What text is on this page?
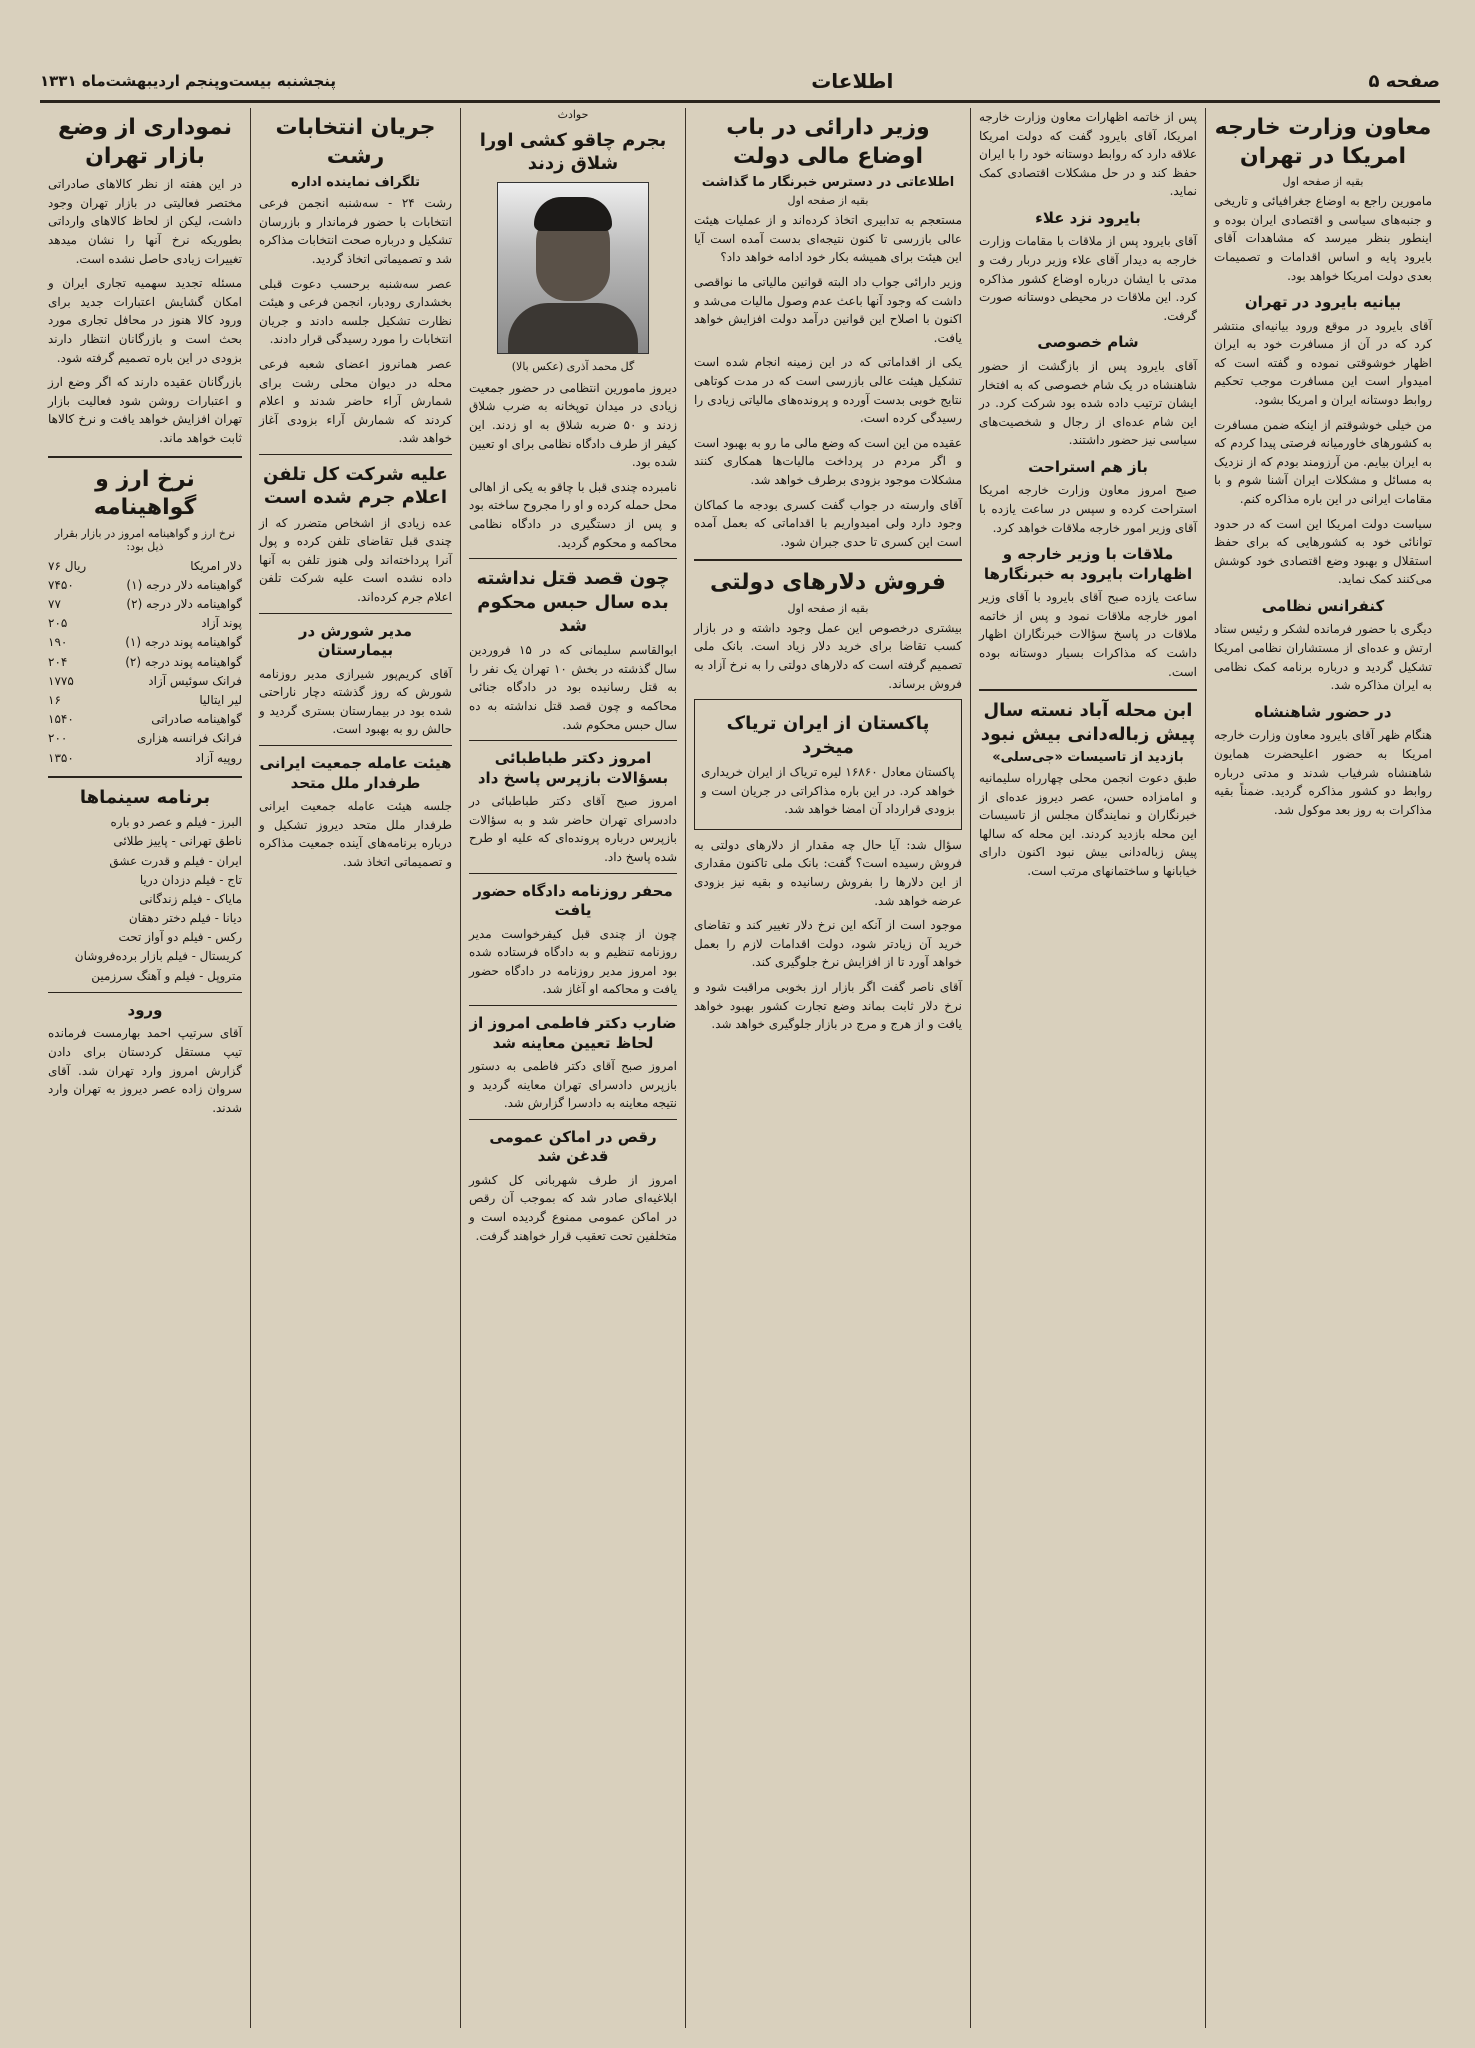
صفحه ۵
اطلاعات
پنجشنبه بیست‌وپنجم اردیبهشت‌ماه ۱۳۳۱
معاون وزارت خارجه امریکا در تهران
بقیه از صفحه اول

مامورین راجع به اوضاع جغرافیائی و تاریخی و جنبه‌های سیاسی و اقتصادی ایران بوده و اینطور بنظر میرسد که مشاهدات آقای بایرود پایه و اساس اقدامات و تصمیمات بعدی دولت امریکا خواهد بود.

بیانیه بایرود در تهران

آقای بایرود در موقع ورود بیانیه‌ای منتشر کرد که در آن از مسافرت خود به ایران اظهار خوشوقتی نموده و گفته است که امیدوار است این مسافرت موجب تحکیم روابط دوستانه ایران و امریکا بشود.

من خیلی خوشوقتم از اینکه ضمن مسافرت به کشورهای خاورمیانه فرصتی پیدا کردم که به ایران بیایم. من آرزومند بودم که از نزدیک به مسائل و مشکلات ایران آشنا شوم و با مقامات ایرانی در این باره مذاکره کنم.

سیاست دولت امریکا این است که در حدود توانائی خود به کشورهایی که برای حفظ استقلال و بهبود وضع اقتصادی خود کوشش می‌کنند کمک نماید.

کنفرانس نظامی

دیگری با حضور فرمانده لشکر و رئیس ستاد ارتش و عده‌ای از مستشاران نظامی امریکا تشکیل گردید و درباره برنامه کمک نظامی به ایران مذاکره شد.

در حضور شاهنشاه

هنگام ظهر آقای بایرود معاون وزارت خارجه امریکا به حضور اعلیحضرت همایون شاهنشاه شرفیاب شدند و مدتی درباره روابط دو کشور مذاکره گردید. ضمناً بقیه مذاکرات به روز بعد موکول شد.

پس از خاتمه اظهارات معاون وزارت خارجه امریکا، آقای بایرود گفت که دولت امریکا علاقه دارد که روابط دوستانه خود را با ایران حفظ کند و در حل مشکلات اقتصادی کمک نماید.

بایرود نزد علاء

آقای بایرود پس از ملاقات با مقامات وزارت خارجه به دیدار آقای علاء وزیر دربار رفت و مدتی با ایشان درباره اوضاع کشور مذاکره کرد. این ملاقات در محیطی دوستانه صورت گرفت.

شام خصوصی

آقای بایرود پس از بازگشت از حضور شاهنشاه در یک شام خصوصی که به افتخار ایشان ترتیب داده شده بود شرکت کرد. در این شام عده‌ای از رجال و شخصیت‌های سیاسی نیز حضور داشتند.

باز هم استراحت

صبح امروز معاون وزارت خارجه امریکا استراحت کرده و سپس در ساعت یازده با آقای وزیر امور خارجه ملاقات خواهد کرد.

ملاقات با وزیر خارجه و اظهارات بایرود به خبرنگارها

ساعت یازده صبح آقای بایرود با آقای وزیر امور خارجه ملاقات نمود و پس از خاتمه ملاقات در پاسخ سؤالات خبرنگاران اظهار داشت که مذاکرات بسیار دوستانه بوده است.

ابن محله آباد نسته سال پیش زباله‌دانی بیش نبود
بازدید از تاسیسات «جی‌سلی»

طبق دعوت انجمن محلی چهارراه سلیمانیه و امامزاده حسن، عصر دیروز عده‌ای از خبرنگاران و نمایندگان مجلس از تاسیسات این محله بازدید کردند. این محله که سالها پیش زباله‌دانی بیش نبود اکنون دارای خیابانها و ساختمانهای مرتب است.

وزیر دارائی در باب اوضاع مالی دولت
اطلاعاتی در دسترس خبرنگار ما گذاشت
بقیه از صفحه اول

مستعجم به تدابیری اتخاذ کرده‌اند و از عملیات هیئت عالی بازرسی تا کنون نتیجه‌ای بدست آمده است آیا این هیئت برای همیشه بکار خود ادامه خواهد داد؟

وزیر دارائی جواب داد البته قوانین مالیاتی ما نواقصی داشت که وجود آنها باعث عدم وصول مالیات می‌شد و اکنون با اصلاح این قوانین درآمد دولت افزایش خواهد یافت.

یکی از اقداماتی که در این زمینه انجام شده است تشکیل هیئت عالی بازرسی است که در مدت کوتاهی نتایج خوبی بدست آورده و پرونده‌های مالیاتی زیادی را رسیدگی کرده است.

عقیده من این است که وضع مالی ما رو به بهبود است و اگر مردم در پرداخت مالیات‌ها همکاری کنند مشکلات موجود بزودی برطرف خواهد شد.

آقای وارسته در جواب گفت کسری بودجه ما کماکان وجود دارد ولی امیدواریم با اقداماتی که بعمل آمده است این کسری تا حدی جبران شود.

فروش دلارهای دولتی
بقیه از صفحه اول

بیشتری درخصوص این عمل وجود داشته و در بازار کسب تقاضا برای خرید دلار زیاد است. بانک ملی تصمیم گرفته است که دلارهای دولتی را به نرخ آزاد به فروش برساند.

پاکستان از ایران تریاک میخرد

پاکستان معادل ۱۶۸۶۰ لیره تریاک از ایران خریداری خواهد کرد. در این باره مذاکراتی در جریان است و بزودی قرارداد آن امضا خواهد شد.

سؤال شد: آیا حال چه مقدار از دلارهای دولتی به فروش رسیده است؟ گفت: بانک ملی تاکنون مقداری از این دلارها را بفروش رسانیده و بقیه نیز بزودی عرضه خواهد شد.

موجود است از آنکه این نرخ دلار تغییر کند و تقاضای خرید آن زیادتر شود، دولت اقدامات لازم را بعمل خواهد آورد تا از افزایش نرخ جلوگیری کند.

آقای ناصر گفت اگر بازار ارز بخوبی مراقبت شود و نرخ دلار ثابت بماند وضع تجارت کشور بهبود خواهد یافت و از هرج و مرج در بازار جلوگیری خواهد شد.

حوادث
بجرم چاقو کشی اورا شلاق زدند
گل محمد آذری (عکس بالا)

دیروز مامورین انتظامی در حضور جمعیت زیادی در میدان توپخانه به ضرب شلاق زدند و ۵۰ ضربه شلاق به او زدند. این کیفر از طرف دادگاه نظامی برای او تعیین شده بود.

نامبرده چندی قبل با چاقو به یکی از اهالی محل حمله کرده و او را مجروح ساخته بود و پس از دستگیری در دادگاه نظامی محاکمه و محکوم گردید.

چون قصد قتل نداشته بده سال حبس محکوم شد

ابوالقاسم سلیمانی که در ۱۵ فروردین سال گذشته در بخش ۱۰ تهران یک نفر را به قتل رسانیده بود در دادگاه جنائی محاکمه و چون قصد قتل نداشته به ده سال حبس محکوم شد.

امروز دکتر طباطبائی بسؤالات بازپرس پاسخ داد

امروز صبح آقای دکتر طباطبائی در دادسرای تهران حاضر شد و به سؤالات بازپرس درباره پرونده‌ای که علیه او طرح شده پاسخ داد.

محفر روزنامه دادگاه حضور یافت

چون از چندی قبل کیفرخواست مدیر روزنامه تنظیم و به دادگاه فرستاده شده بود امروز مدیر روزنامه در دادگاه حضور یافت و محاکمه او آغاز شد.

ضارب دکتر فاطمی امروز از لحاظ تعیین معاینه شد

امروز صبح آقای دکتر فاطمی به دستور بازپرس دادسرای تهران معاینه گردید و نتیجه معاینه به دادسرا گزارش شد.

رقص در اماکن عمومی قدغن شد

امروز از طرف شهربانی کل کشور ابلاغیه‌ای صادر شد که بموجب آن رقص در اماکن عمومی ممنوع گردیده است و متخلفین تحت تعقیب قرار خواهند گرفت.

جریان انتخابات رشت
تلگراف نماینده اداره

رشت ۲۴ - سه‌شنبه انجمن فرعی انتخابات با حضور فرماندار و بازرسان تشکیل و درباره صحت انتخابات مذاکره شد و تصمیماتی اتخاذ گردید.

عصر سه‌شنبه برحسب دعوت قبلی بخشداری رودبار، انجمن فرعی و هیئت نظارت تشکیل جلسه دادند و جریان انتخابات را مورد رسیدگی قرار دادند.

عصر همانروز اعضای شعبه فرعی محله در دیوان محلی رشت برای شمارش آراء حاضر شدند و اعلام کردند که شمارش آراء بزودی آغاز خواهد شد.

علیه شرکت کل تلفن اعلام جرم شده است

عده زیادی از اشخاص متضرر که از چندی قبل تقاضای تلفن کرده و پول آنرا پرداخته‌اند ولی هنوز تلفن به آنها داده نشده است علیه شرکت تلفن اعلام جرم کرده‌اند.

مدیر شورش در بیمارستان

آقای کریم‌پور شیرازی مدیر روزنامه شورش که روز گذشته دچار ناراحتی شده بود در بیمارستان بستری گردید و حالش رو به بهبود است.

هیئت عامله جمعیت ایرانی طرفدار ملل متحد

جلسه هیئت عامله جمعیت ایرانی طرفدار ملل متحد دیروز تشکیل و درباره برنامه‌های آینده جمعیت مذاکره و تصمیماتی اتخاذ شد.

نموداری از وضع بازار تهران

در این هفته از نظر کالاهای صادراتی مختصر فعالیتی در بازار تهران وجود داشت، لیکن از لحاظ کالاهای وارداتی بطوریکه نرخ آنها را نشان میدهد تغییرات زیادی حاصل نشده است.

مسئله تجدید سهمیه تجاری ایران و امکان گشایش اعتبارات جدید برای ورود کالا هنوز در محافل تجاری مورد بحث است و بازرگانان انتظار دارند بزودی در این باره تصمیم گرفته شود.

بازرگانان عقیده دارند که اگر وضع ارز و اعتبارات روشن شود فعالیت بازار تهران افزایش خواهد یافت و نرخ کالاها ثابت خواهد ماند.

نرخ ارز و گواهینامه
نرخ ارز و گواهینامه امروز در بازار بقرار ذیل بود:
دلار امریکا
۷۶ ریال
گواهینامه دلار درجه (۱)
۷۴۵۰
گواهینامه دلار درجه (۲)
۷۷
پوند آزاد
۲۰۵
گواهینامه پوند درجه (۱)
۱۹۰
گواهینامه پوند درجه (۲)
۲۰۴
فرانک سوئیس آزاد
۱۷۷۵
لیر ایتالیا
۱۶
گواهینامه صادراتی
۱۵۴۰
فرانک فرانسه هزاری
۲۰۰
روپیه آزاد
۱۳۵۰
برنامه سینماها

البرز - فیلم و عصر دو باره

ناطق تهرانی - پاییز طلائی

ایران - فیلم و قدرت عشق

تاج - فیلم دزدان دریا

مایاک - فیلم زندگانی

دیانا - فیلم دختر دهقان

رکس - فیلم دو آواز تحت

کریستال - فیلم بازار برده‌فروشان

متروپل - فیلم و آهنگ سرزمین

ورود

آقای سرتیپ احمد بهارمست فرمانده تیپ مستقل کردستان برای دادن گزارش امروز وارد تهران شد. آقای سروان زاده عصر دیروز به تهران وارد شدند.
